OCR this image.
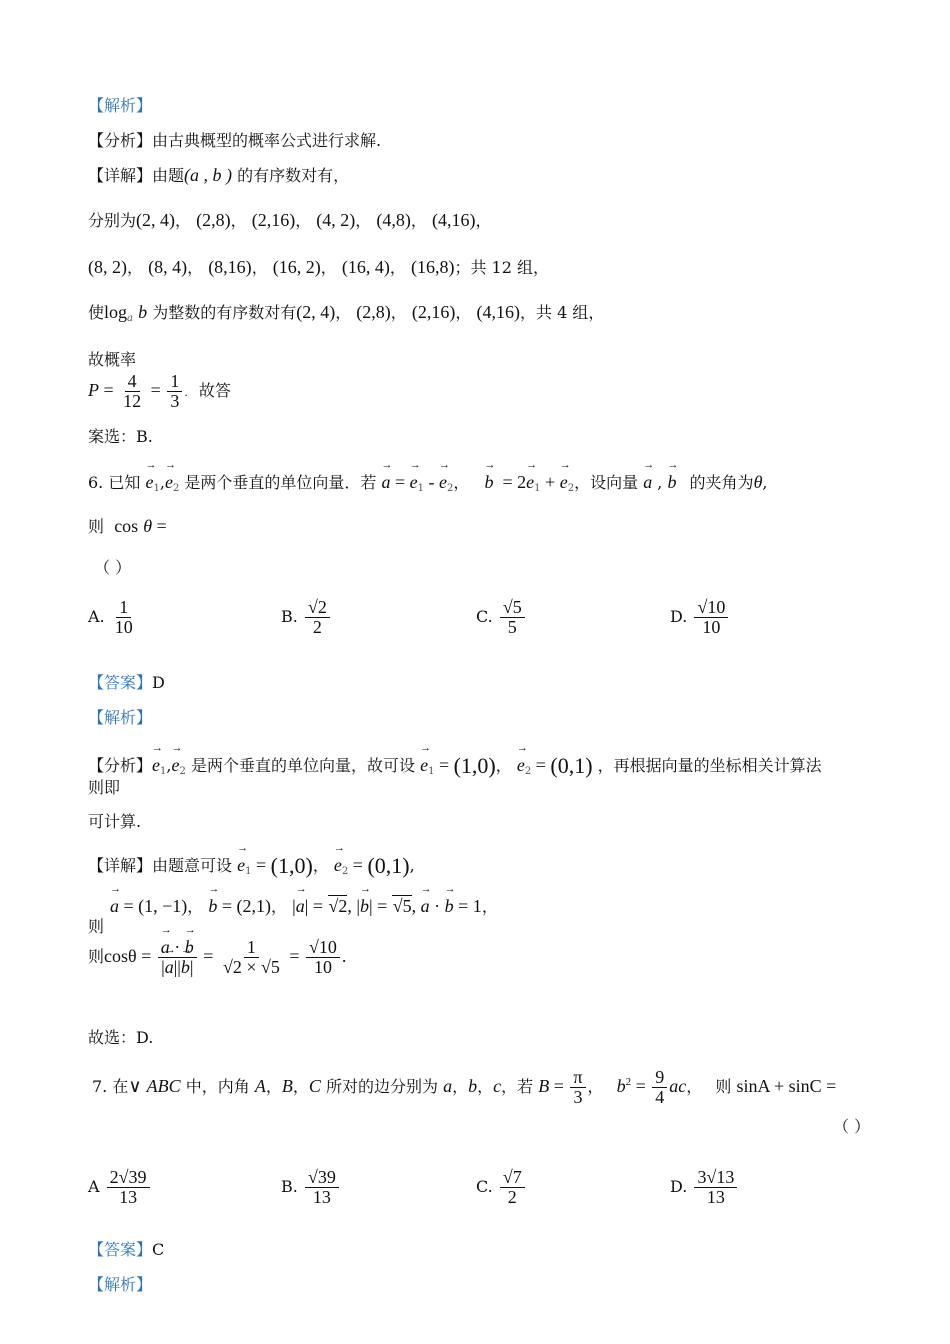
【解析】
【分析】由古典概型的概率公式进行求解.
【详解】由题(a , b ) 的有序数对有，
分别为(2, 4)， (2,8)， (2,16)， (4, 2)， (4,8)， (4,16)，
(8, 2)， (8, 4)， (8,16)， (16, 2)， (16, 4)， (16,8)；共 12 组，
使$\log_a b$ 为整数的有序数对有(2, 4)， (2,8)， (2,16)， (4,16)，共 4 组，
故概率
$P = \frac{4}{12} = \frac{1}{3}$ . 故答
案选：B.
6. 已知 → $e_1,\to e_2$ 是两个垂直的单位向量．若 → a = → $e_1$ - → $e_2$， → $b = 2\to e_1$ + → $e_2$，设向量 → a , → b 的夹角为θ,
则 cos θ =
（ ）
A. $\frac{1}{10}$	B. $\frac{√2}{2}$	C. $\frac{√5}{5}$	D. $\frac{√10}{10}$
【答案】D
【解析】
【分析】→ $e_1,\to e_2$ 是两个垂直的单位向量，故可设 → $e_1 = (1,0)$， → $e_2 = (0,1)$ ，再根据向量的坐标相关计算法
则即
可计算.
【详解】由题意可设 → $e_1 = (1,0)$， → $e_2 = (0,1)$,
→ a = (1, −1)， → b = (2,1)， |→ a| = √2, |→ b| = √5, → a · → b = 1，
则
则cosθ = → $\frac{a \cdot \to b}{|\to a||\to b|} = \frac{1}{√2 \times √5} = \frac{√10}{10}$ .
故选：D.
7. 在∨ ABC 中，内角 A，B，C 所对的边分别为 a，b，c，若 $B = \frac{\pi}{3}$ ， $b^2 = \frac{9}{4}$ ac， 则 sinA + sinC =
（ ）
A $\frac{2√39}{13}$	B. $\frac{√39}{13}$	C. $\frac{√7}{2}$	D. $\frac{3√13}{13}$
【答案】C
【解析】
